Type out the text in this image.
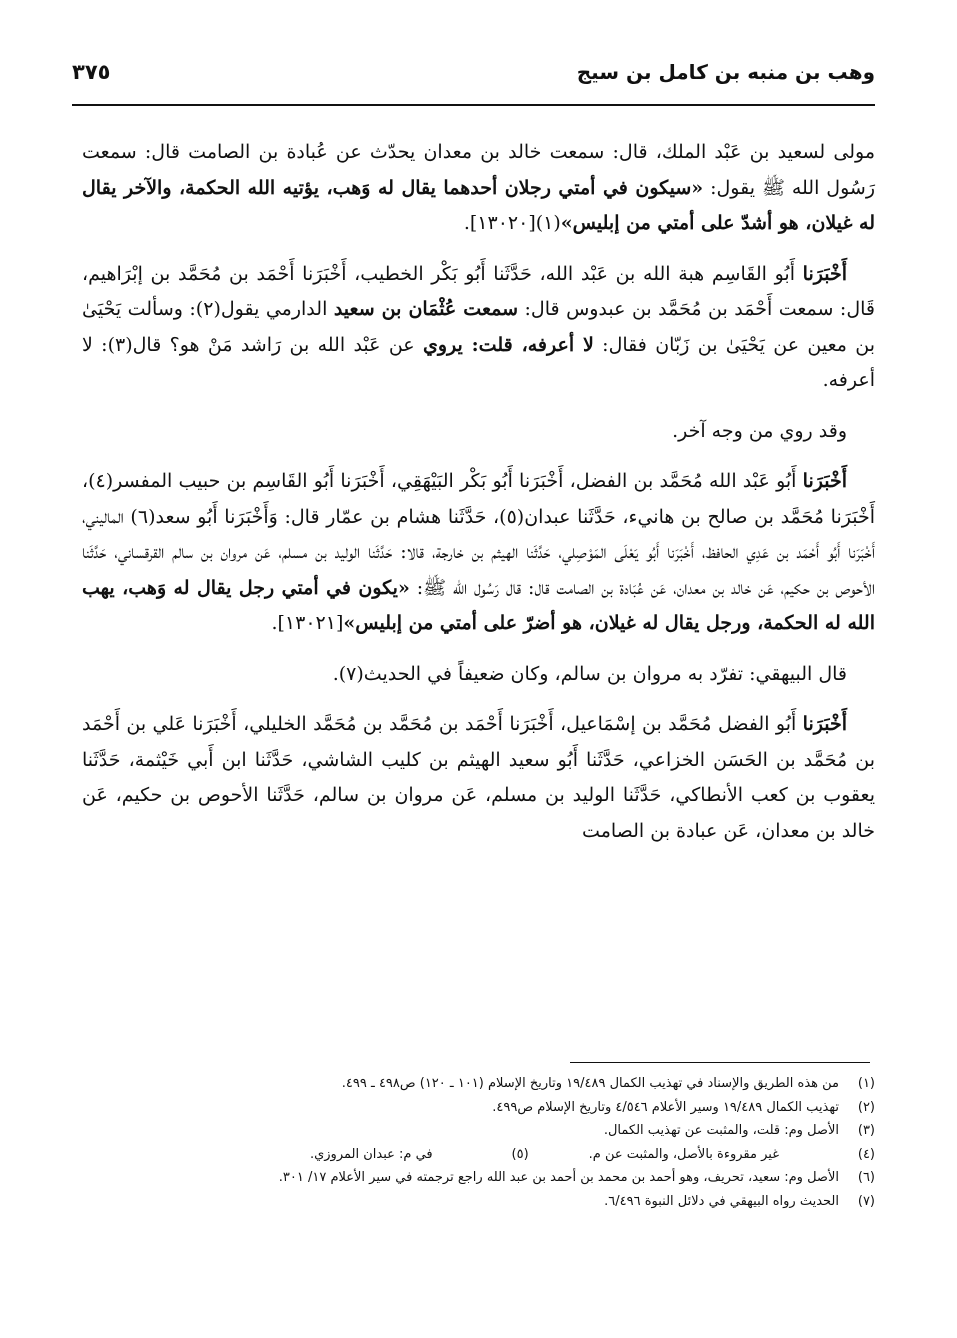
وهب بن منبه بن كامل بن سيج
٣٧٥

مولى لسعيد بن عَبْد الملك، قال: سمعت خالد بن معدان يحدّث عن عُبادة بن الصامت قال: سمعت رَسُول الله ﷺ يقول: «سيكون في أمتي رجلان أحدهما يقال له وَهب، يؤتيه الله الحكمة، والآخر يقال له غيلان، هو أشدّ على أمتي من إبليس»(١)[١٣٠٢٠].

أَخْبَرَنا أَبُو القَاسِم هبة الله بن عَبْد الله، حَدَّثَنا أَبُو بَكْر الخطيب، أَخْبَرَنا أَحْمَد بن مُحَمَّد بن إبْرَاهيم، قَال: سمعت أَحْمَد بن مُحَمَّد بن عبدوس قال: سمعت عُثْمَان بن سعيد الدارمي يقول(٢): وسألت يَحْيَىٰ بن معين عن يَحْيَىٰ بن زَبّان فقال: لا أعرفه، قلت: يروي عن عَبْد الله بن رَاشد مَنْ هو؟ قال(٣): لا أعرفه.

وقد روي من وجه آخر.

أَخْبَرَنا أَبُو عَبْد الله مُحَمَّد بن الفضل، أَخْبَرَنا أَبُو بَكْر البَيْهَقِي، أَخْبَرَنا أَبُو القَاسِم بن حبيب المفسر(٤)، أَخْبَرَنا مُحَمَّد بن صالح بن هانيء، حَدَّثَنا عبدان(٥)، حَدَّثَنا هشام بن عمّار قال: وَأَخْبَرَنا أَبُو سعد(٦) الماليني، أَخْبَرَنا أَبُو أَحْمَد بن عَدِي الحافظ، أَخْبَرَنا أَبُو يَعْلَى المَوْصِلي، حَدَّثَنا الهيثم بن خارجة، قالا: حَدَّثَنا الوليد بن مسلم، عَن مروان بن سالم القرقساني، حَدَّثَنا الأحوص بن حكيم، عَن خالد بن معدان، عَن عُبَادة بن الصامت قال: قال رَسُول الله ﷺ: «يكون في أمتي رجل يقال له وَهب، يهب الله له الحكمة، ورجل يقال له غيلان، هو أضرّ على أمتي من إبليس»[١٣٠٢١].

قال البيهقي: تفرّد به مروان بن سالم، وكان ضعيفاً في الحديث(٧).

أَخْبَرَنا أَبُو الفضل مُحَمَّد بن إسْمَاعيل، أَخْبَرَنا أَحْمَد بن مُحَمَّد بن مُحَمَّد الخليلي، أَخْبَرَنا عَلي بن أَحْمَد بن مُحَمَّد بن الحَسَن الخزاعي، حَدَّثَنا أَبُو سعيد الهيثم بن كليب الشاشي، حَدَّثَنا ابن أَبي خَيْثمة، حَدَّثَنا يعقوب بن كعب الأنطاكي، حَدَّثَنا الوليد بن مسلم، عَن مروان بن سالم، حَدَّثَنا الأحوص بن حكيم، عَن خالد بن معدان، عَن عبادة بن الصامت

(١)
من هذه الطريق والإسناد في تهذيب الكمال ١٩/٤٨٩ وتاريخ الإسلام (١٠١ ـ ١٢٠) ص٤٩٨ ـ ٤٩٩.
(٢)
تهذيب الكمال ١٩/٤٨٩ وسير الأعلام ٤/٥٤٦ وتاريخ الإسلام ص٤٩٩.
(٣)
الأصل وم: قلت، والمثبت عن تهذيب الكمال.
(٤)
غير مقروءة بالأصل، والمثبت عن م.
(٥)
في م: عبدان المروزي.
(٦)
الأصل وم: سعيد، تحريف، وهو أحمد بن محمد بن أحمد بن عبد الله راجع ترجمته في سير الأعلام ١٧/ ٣٠١.
(٧)
الحديث رواه البيهقي في دلائل النبوة ٦/٤٩٦.
